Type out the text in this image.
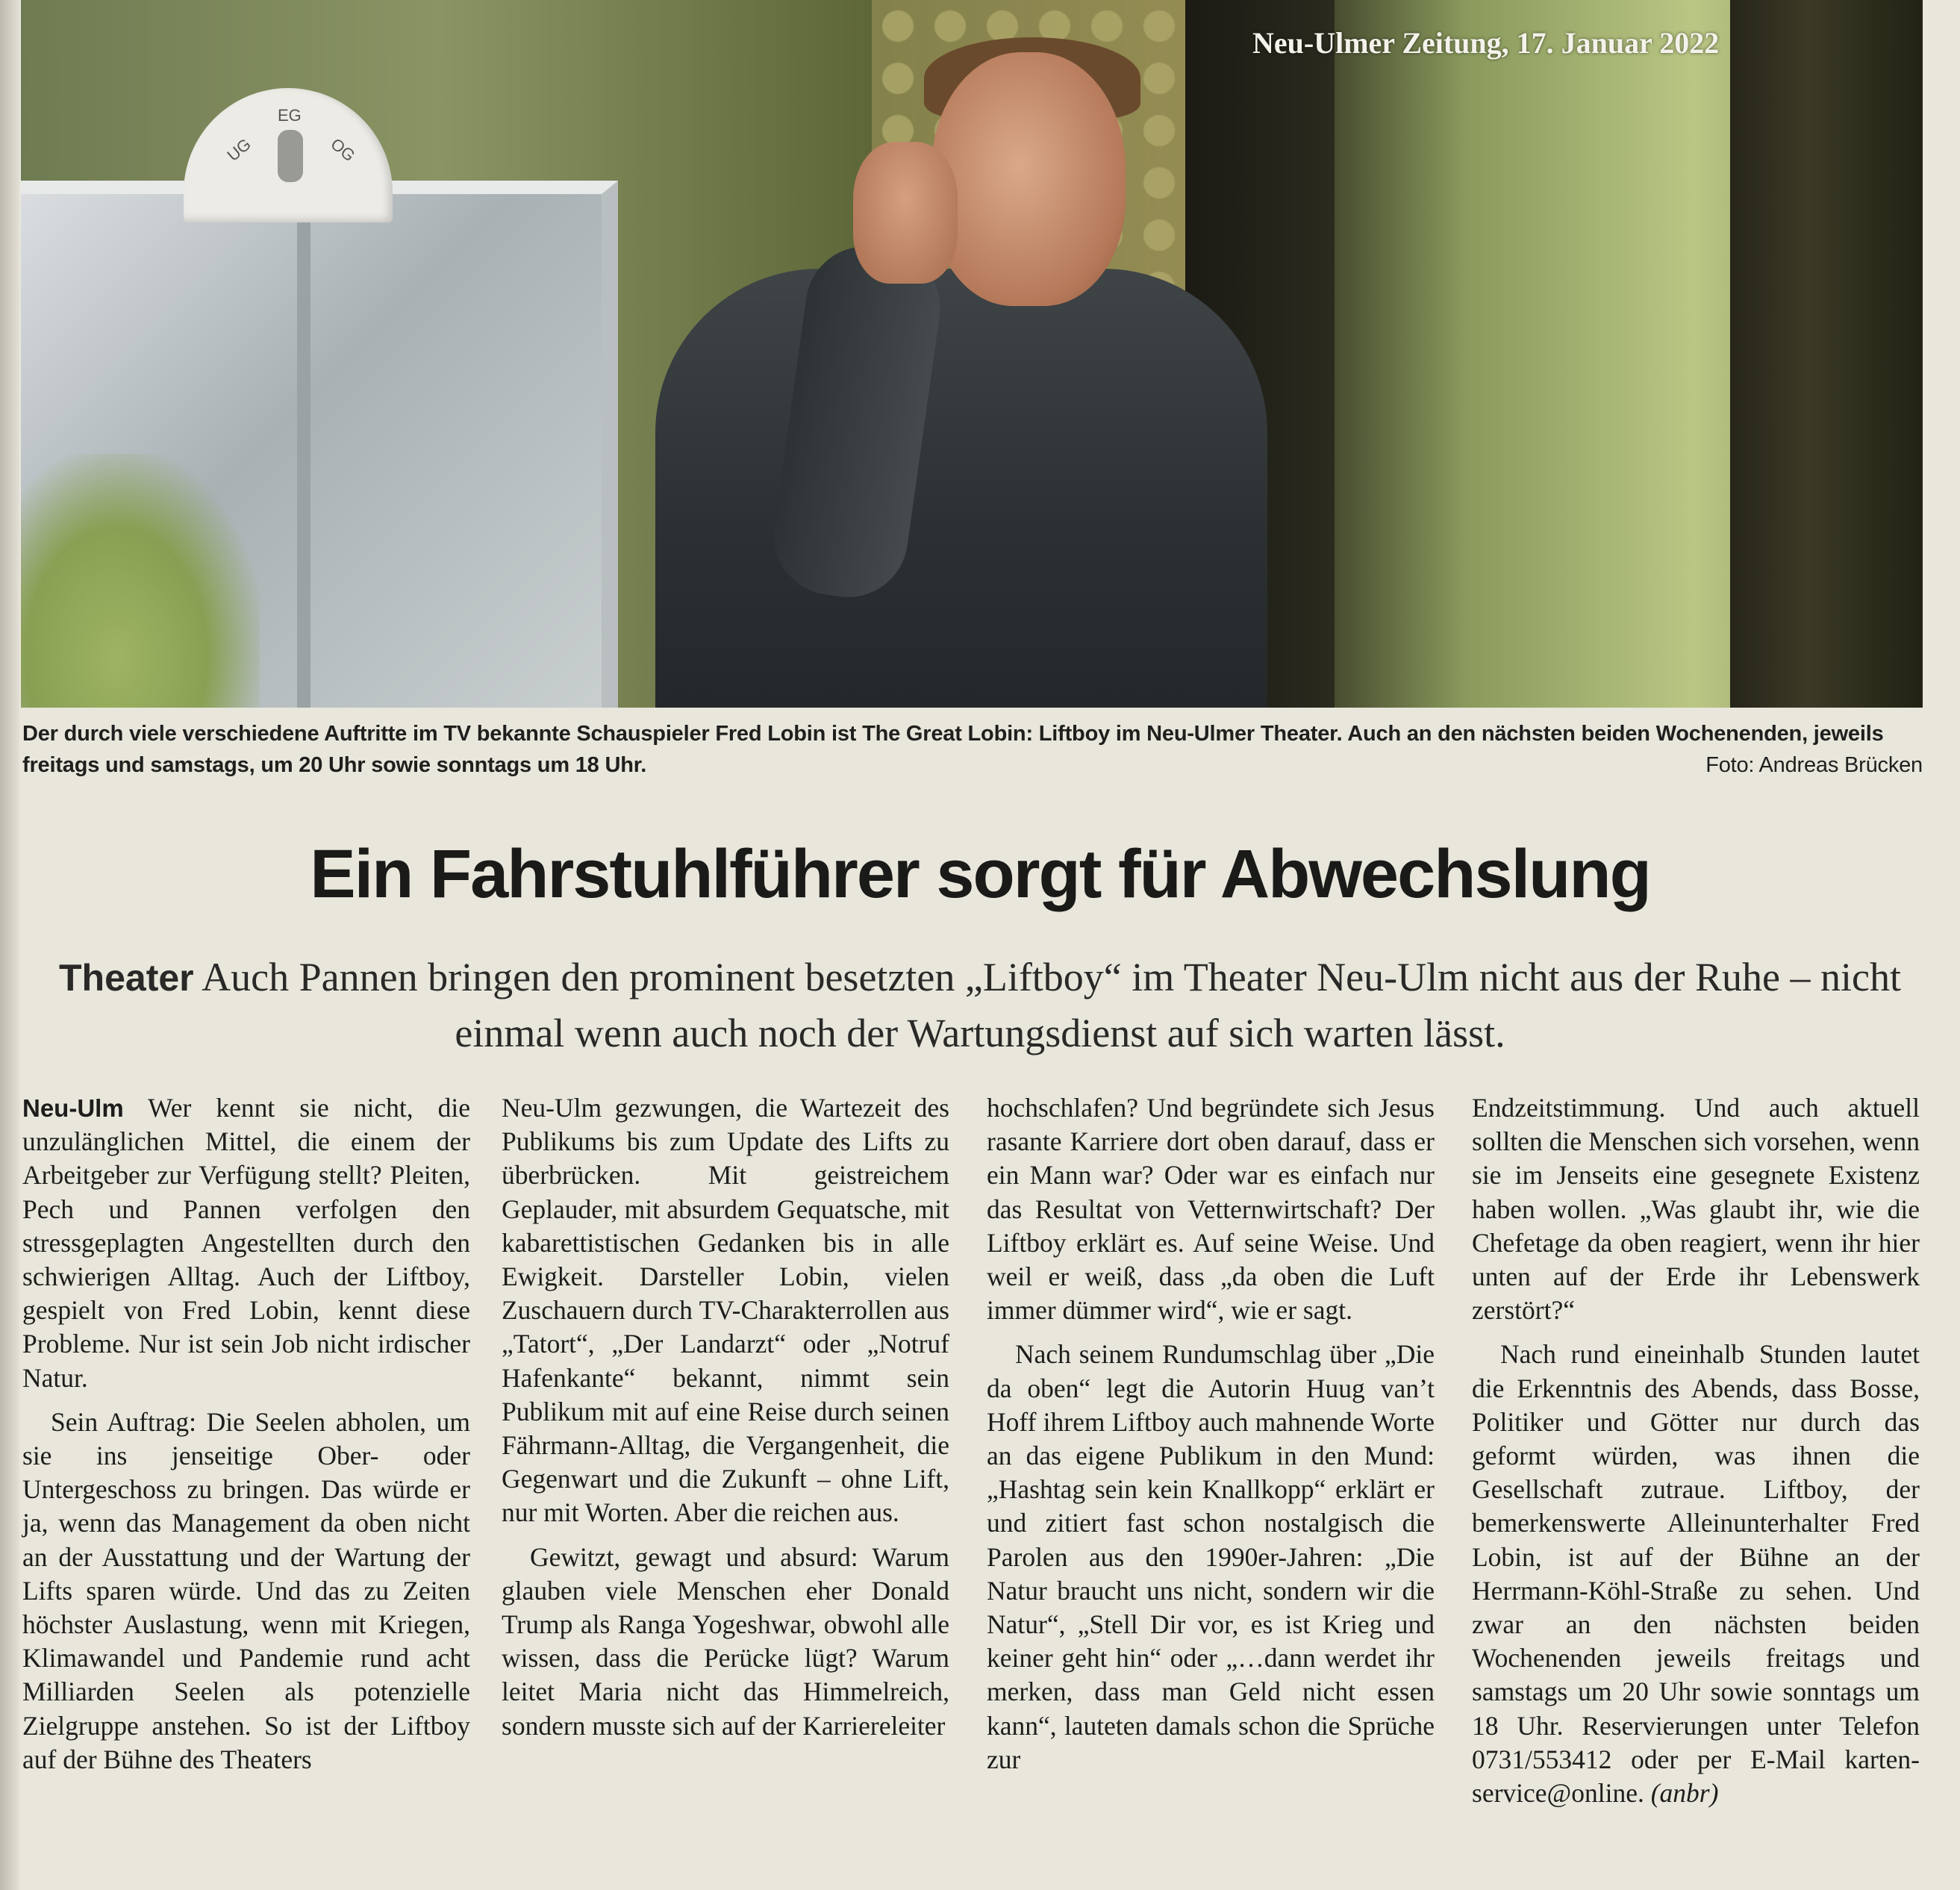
UG
EG
OG
Neu-Ulmer Zeitung, 17. Januar 2022
Der durch viele verschiedene Auftritte im TV bekannte Schauspieler Fred Lobin ist The Great Lobin: Liftboy im Neu-Ulmer Theater. Auch an den nächsten beiden Wochenenden, jeweils freitags und samstags, um 20 Uhr sowie sonntags um 18 Uhr.	Foto: Andreas Brücken
Ein Fahrstuhlführer sorgt für Abwechslung
Theater Auch Pannen bringen den prominent besetzten „Liftboy“ im Theater Neu-Ulm nicht aus der Ruhe – nicht einmal wenn auch noch der Wartungsdienst auf sich warten lässt.

Neu-Ulm Wer kennt sie nicht, die unzulänglichen Mittel, die einem der Arbeitgeber zur Verfügung stellt? Pleiten, Pech und Pannen verfolgen den stressgeplagten Angestellten durch den schwierigen Alltag. Auch der Liftboy, gespielt von Fred Lobin, kennt diese Probleme. Nur ist sein Job nicht irdischer Natur.

Sein Auftrag: Die Seelen abholen, um sie ins jenseitige Ober- oder Untergeschoss zu bringen. Das würde er ja, wenn das Management da oben nicht an der Ausstattung und der Wartung der Lifts sparen würde. Und das zu Zeiten höchster Auslastung, wenn mit Kriegen, Klimawandel und Pandemie rund acht Milliarden Seelen als potenzielle Zielgruppe anstehen. So ist der Liftboy auf der Bühne des Theaters

Neu-Ulm gezwungen, die Wartezeit des Publikums bis zum Update des Lifts zu überbrücken. Mit geistreichem Geplauder, mit absurdem Gequatsche, mit kabarettistischen Gedanken bis in alle Ewigkeit. Darsteller Lobin, vielen Zuschauern durch TV-Charakterrollen aus „Tatort“, „Der Landarzt“ oder „Notruf Hafenkante“ bekannt, nimmt sein Publikum mit auf eine Reise durch seinen Fährmann-Alltag, die Vergangenheit, die Gegenwart und die Zukunft – ohne Lift, nur mit Worten. Aber die reichen aus.

Gewitzt, gewagt und absurd: Warum glauben viele Menschen eher Donald Trump als Ranga Yogeshwar, obwohl alle wissen, dass die Perücke lügt? Warum leitet Maria nicht das Himmelreich, sondern musste sich auf der Karriereleiter

hochschlafen? Und begründete sich Jesus rasante Karriere dort oben darauf, dass er ein Mann war? Oder war es einfach nur das Resultat von Vetternwirtschaft? Der Liftboy erklärt es. Auf seine Weise. Und weil er weiß, dass „da oben die Luft immer dümmer wird“, wie er sagt.

Nach seinem Rundumschlag über „Die da oben“ legt die Autorin Huug van’t Hoff ihrem Liftboy auch mahnende Worte an das eigene Publikum in den Mund: „Hashtag sein kein Knallkopp“ erklärt er und zitiert fast schon nostalgisch die Parolen aus den 1990er-Jahren: „Die Natur braucht uns nicht, sondern wir die Natur“, „Stell Dir vor, es ist Krieg und keiner geht hin“ oder „…dann werdet ihr merken, dass man Geld nicht essen kann“, lauteten damals schon die Sprüche zur

Endzeitstimmung. Und auch aktuell sollten die Menschen sich vorsehen, wenn sie im Jenseits eine gesegnete Existenz haben wollen. „Was glaubt ihr, wie die Chefetage da oben reagiert, wenn ihr hier unten auf der Erde ihr Lebenswerk zerstört?“

Nach rund eineinhalb Stunden lautet die Erkenntnis des Abends, dass Bosse, Politiker und Götter nur durch das geformt würden, was ihnen die Gesellschaft zutraue. Liftboy, der bemerkenswerte Alleinunterhalter Fred Lobin, ist auf der Bühne an der Herrmann-Köhl-Straße zu sehen. Und zwar an den nächsten beiden Wochenenden jeweils freitags und samstags um 20 Uhr sowie sonntags um 18 Uhr. Reservierungen unter Telefon 0731/553412 oder per E-Mail karten-service@online. (anbr)
